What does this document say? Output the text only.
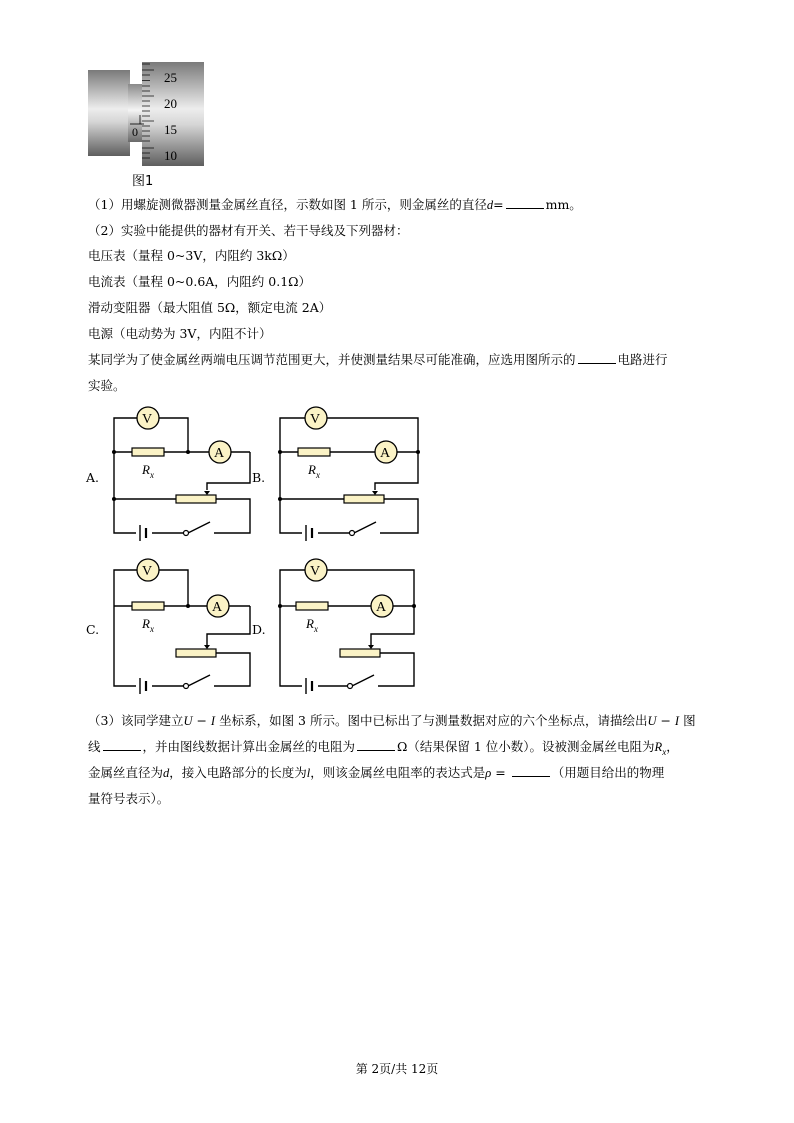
25
20
15
10
0
图1
（1）用螺旋测微器测量金属丝直径，示数如图 1 所示，则金属丝的直径d=	mm。
（2）实验中能提供的器材有开关、若干导线及下列器材：
电压表（量程 0~3V，内阻约 3kΩ）
电流表（量程 0~0.6A，内阻约 0.1Ω）
滑动变阻器（最大阻值 5Ω，额定电流 2A）
电源（电动势为 3V，内阻不计）
某同学为了使金属丝两端电压调节范围更大，并使测量结果尽可能准确，应选用图所示的	电路进行
实验。
A.
V
$R_x$
A
B.
V
$R_x$
A
C.
V
$R_x$
A
D.
V
$R_x$
A
（3）该同学建立U − I 坐标系，如图 3 所示。图中已标出了与测量数据对应的六个坐标点，请描绘出U − I 图
线	，并由图线数据计算出金属丝的电阻为	Ω（结果保留 1 位小数）。设被测金属丝电阻为$R_x$，
金属丝直径为d，接入电路部分的长度为l，则该金属丝电阻率的表达式是ρ =	（用题目给出的物理
量符号表示）。
第 2页/共 12页
